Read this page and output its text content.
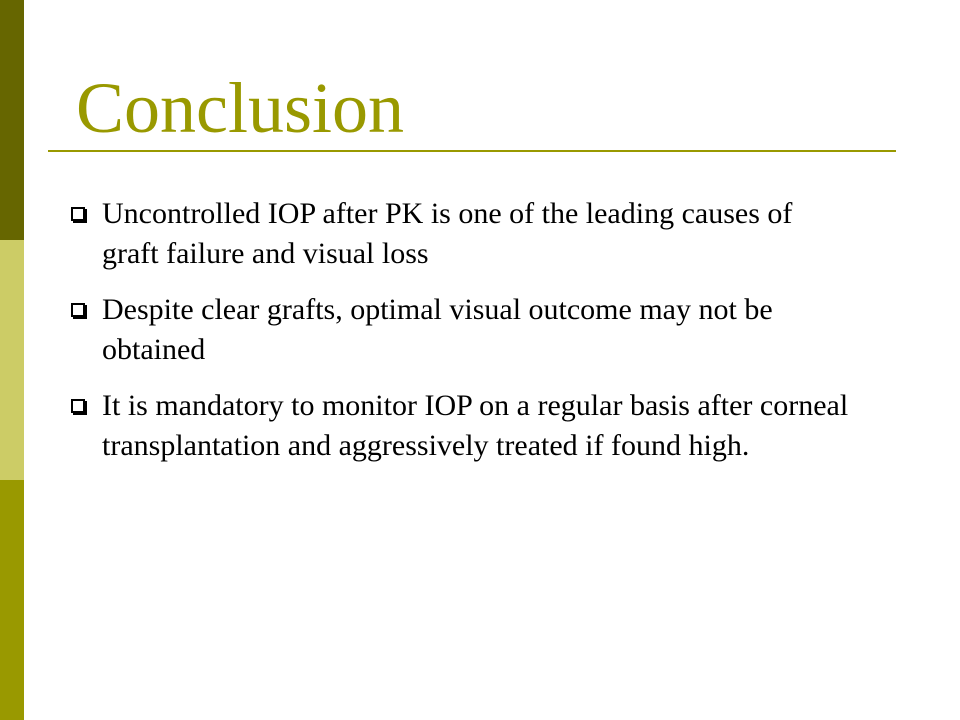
Conclusion
Uncontrolled IOP after PK is one of the leading causes of graft failure and visual loss
Despite clear grafts, optimal visual outcome may not be obtained
It is mandatory to monitor IOP on a regular basis after corneal transplantation and aggressively treated if found high.
